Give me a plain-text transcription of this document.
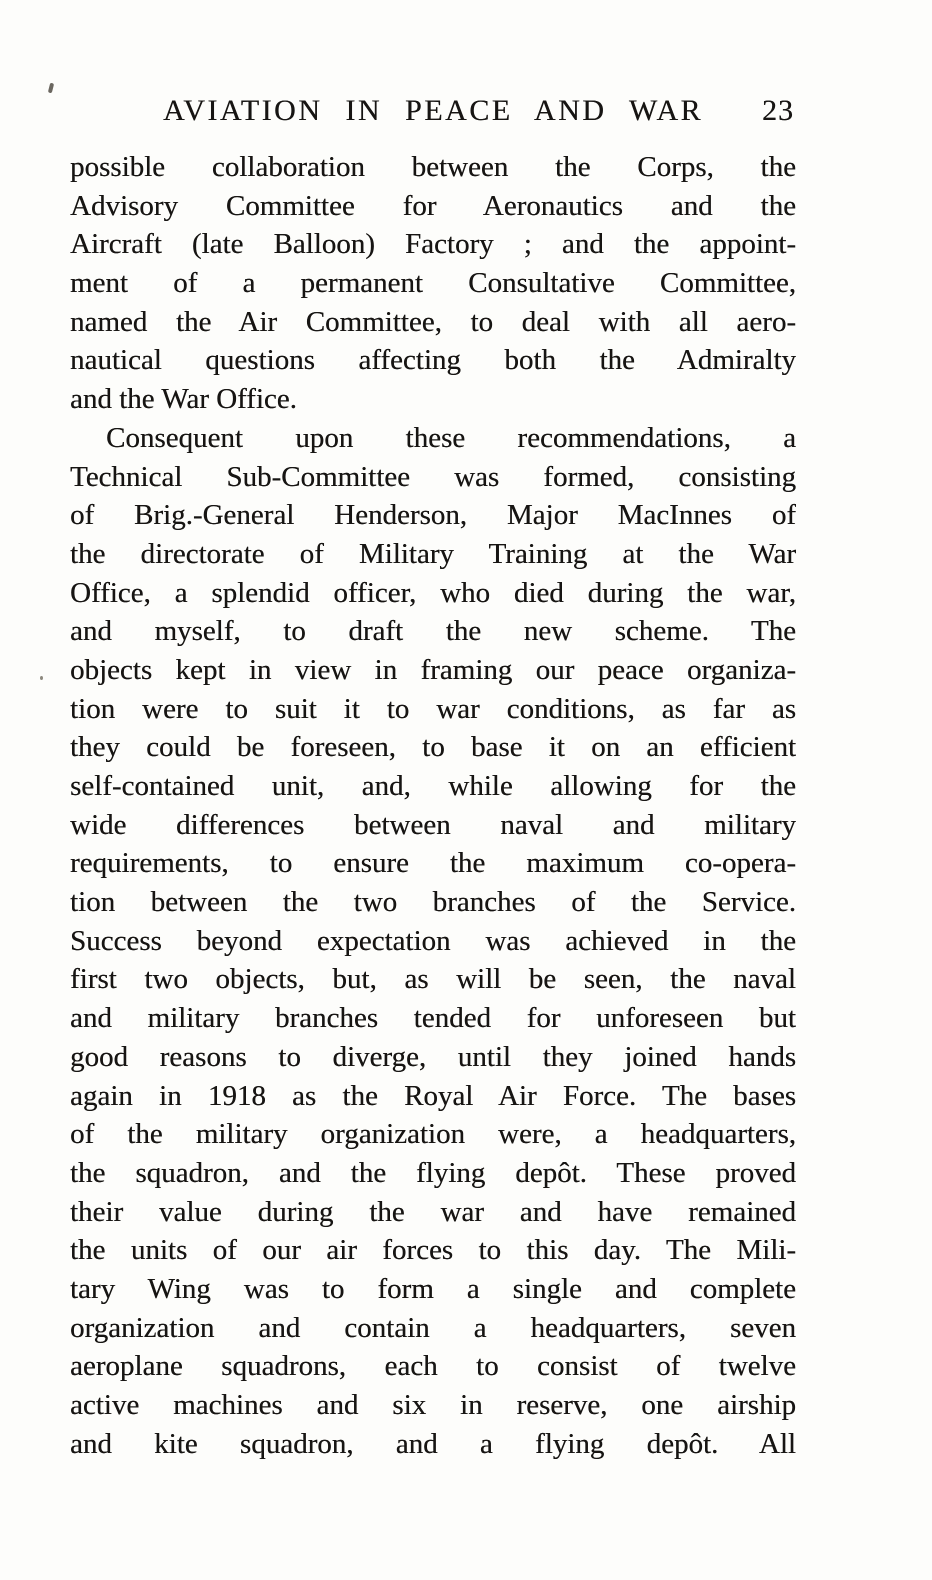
AVIATION IN PEACE AND WAR	23
possible collaboration between the Corps, the
Advisory Committee for Aeronautics and the
Aircraft (late Balloon) Factory ; and the appoint-
ment of a permanent Consultative Committee,
named the Air Committee, to deal with all aero-
nautical questions affecting both the Admiralty
and the War Office.
Consequent upon these recommendations, a
Technical Sub-Committee was formed, consisting
of Brig.-General Henderson, Major MacInnes of
the directorate of Military Training at the War
Office, a splendid officer, who died during the war,
and myself, to draft the new scheme. The
objects kept in view in framing our peace organiza-
tion were to suit it to war conditions, as far as
they could be foreseen, to base it on an efficient
self-contained unit, and, while allowing for the
wide differences between naval and military
requirements, to ensure the maximum co-opera-
tion between the two branches of the Service.
Success beyond expectation was achieved in the
first two objects, but, as will be seen, the naval
and military branches tended for unforeseen but
good reasons to diverge, until they joined hands
again in 1918 as the Royal Air Force. The bases
of the military organization were, a headquarters,
the squadron, and the flying depôt. These proved
their value during the war and have remained
the units of our air forces to this day. The Mili-
tary Wing was to form a single and complete
organization and contain a headquarters, seven
aeroplane squadrons, each to consist of twelve
active machines and six in reserve, one airship
and kite squadron, and a flying depôt. All
